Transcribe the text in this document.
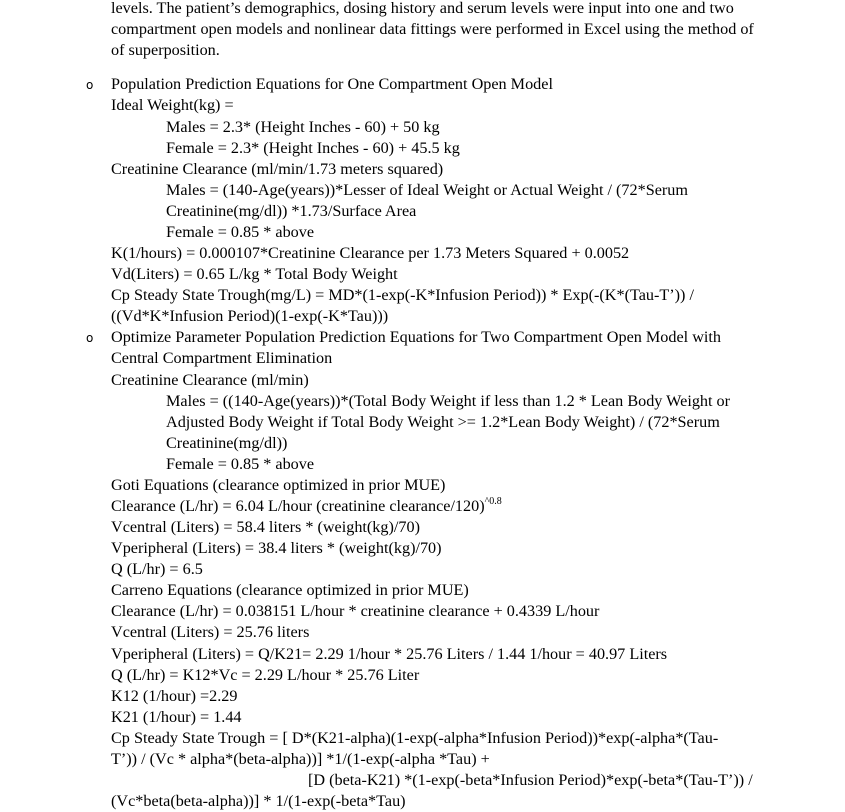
levels. The patient’s demographics, dosing history and serum levels were input into one and two
compartment open models and nonlinear data fittings were performed in Excel using the method of
of superposition.
o Population Prediction Equations for One Compartment Open Model
Ideal Weight(kg) =
Males = 2.3* (Height Inches - 60) + 50 kg
Female = 2.3* (Height Inches - 60) + 45.5 kg
Creatinine Clearance (ml/min/1.73 meters squared)
Males = (140-Age(years))*Lesser of Ideal Weight or Actual Weight / (72*Serum
Creatinine(mg/dl)) *1.73/Surface Area
Female = 0.85 * above
K(1/hours) = 0.000107*Creatinine Clearance per 1.73 Meters Squared + 0.0052
Vd(Liters) = 0.65 L/kg * Total Body Weight
Cp Steady State Trough(mg/L) = MD*(1-exp(-K*Infusion Period)) * Exp(-(K*(Tau-T’)) /
((Vd*K*Infusion Period)(1-exp(-K*Tau)))
o Optimize Parameter Population Prediction Equations for Two Compartment Open Model with
Central Compartment Elimination
Creatinine Clearance (ml/min)
Males = ((140-Age(years))*(Total Body Weight if less than 1.2 * Lean Body Weight or
Adjusted Body Weight if Total Body Weight >= 1.2*Lean Body Weight) / (72*Serum
Creatinine(mg/dl))
Female = 0.85 * above
Goti Equations (clearance optimized in prior MUE)
Clearance (L/hr) = 6.04 L/hour (creatinine clearance/120)$^{\^{}0.8}$
Vcentral (Liters) = 58.4 liters * (weight(kg)/70)
Vperipheral (Liters) = 38.4 liters * (weight(kg)/70)
Q (L/hr) = 6.5
Carreno Equations (clearance optimized in prior MUE)
Clearance (L/hr) = 0.038151 L/hour * creatinine clearance + 0.4339 L/hour
Vcentral (Liters) = 25.76 liters
Vperipheral (Liters) = Q/K21= 2.29 1/hour * 25.76 Liters / 1.44 1/hour = 40.97 Liters
Q (L/hr) = K12*Vc = 2.29 L/hour * 25.76 Liter
K12 (1/hour) =2.29
K21 (1/hour) = 1.44
Cp Steady State Trough = [ D*(K21-alpha)(1-exp(-alpha*Infusion Period))*exp(-alpha*(Tau-
T’)) / (Vc * alpha*(beta-alpha))] *1/(1-exp(-alpha *Tau) +
[D (beta-K21) *(1-exp(-beta*Infusion Period)*exp(-beta*(Tau-T’)) /
(Vc*beta(beta-alpha))] * 1/(1-exp(-beta*Tau)
